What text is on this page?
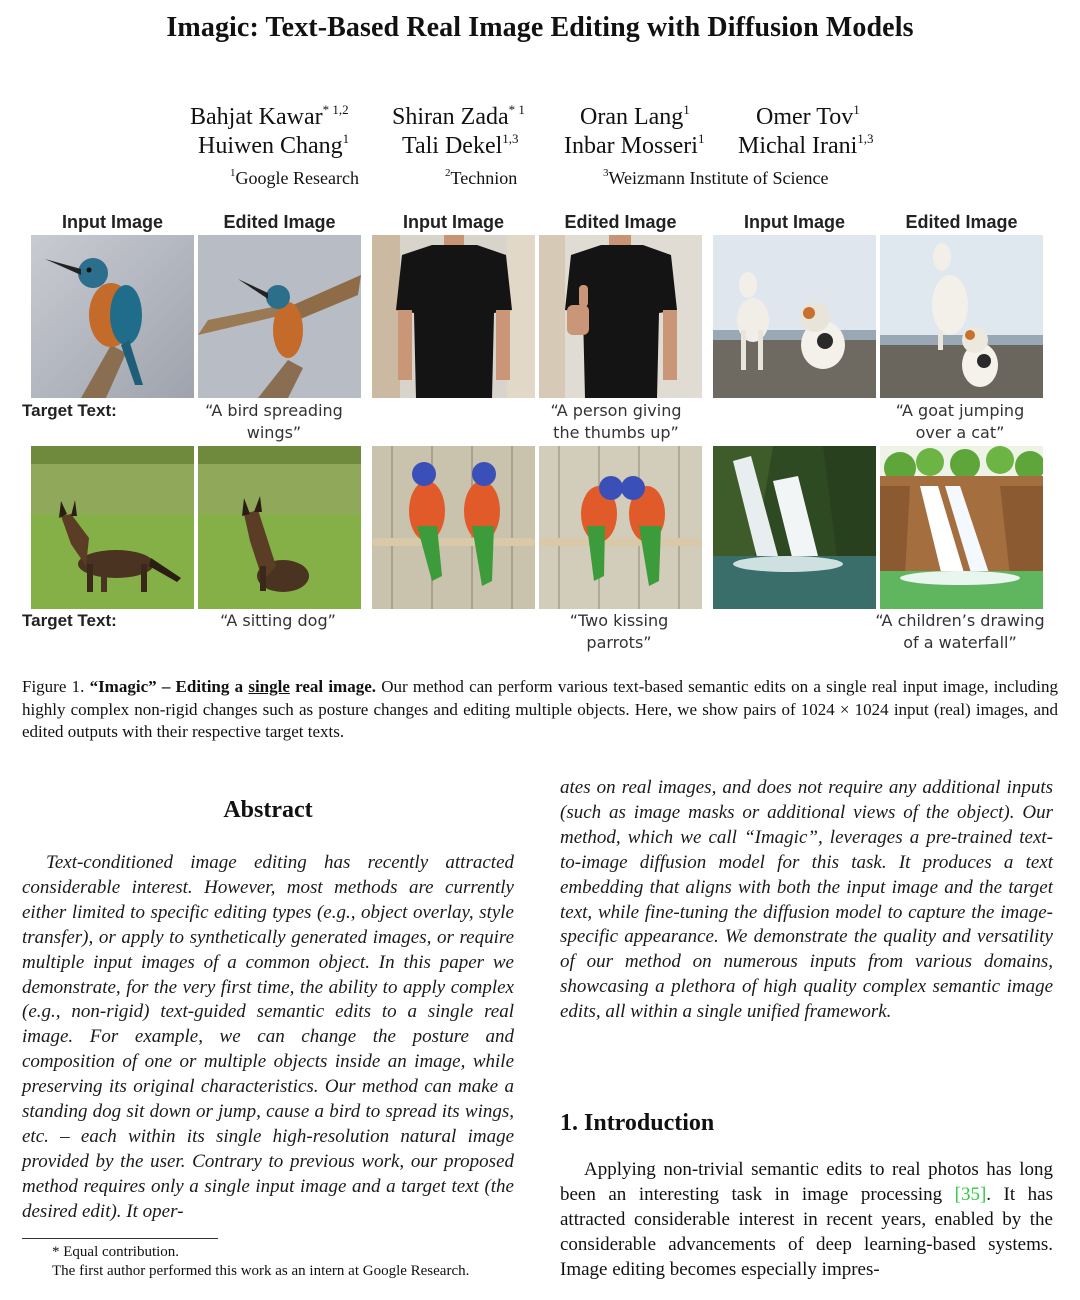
Imagic: Text-Based Real Image Editing with Diffusion Models
Bahjat Kawar$^{* 1,2}$ Shiran Zada$^{* 1}$ Oran Lang$^1$	Omer Tov$^1$
Huiwen Chang$^1$ Tali Dekel$^{1,3}$ Inbar Mosseri$^1$ Michal Irani$^{1,3}$
$^1$Google Research	$^2$Technion	$^3$Weizmann Institute of Science
Input Image	Edited Image	Input Image	Edited Image	Input Image	Edited Image
Target Text:	“A bird spreading
wings”
“A person giving
the thumbs up”
“A goat jumping
over a cat”
Target Text:	“A sitting dog”	“Two kissing
parrots”
“A children’s drawing
of a waterfall”
Figure 1. “Imagic” – Editing a single real image. Our method can perform various text-based semantic edits on a single real input image, including highly complex non-rigid changes such as posture changes and editing multiple objects. Here, we show pairs of 1024 × 1024 input (real) images, and edited outputs with their respective target texts.
Abstract
Text-conditioned image editing has recently attracted considerable interest. However, most methods are currently either limited to specific editing types (e.g., object overlay, style transfer), or apply to synthetically generated images, or require multiple input images of a common object. In this paper we demonstrate, for the very first time, the ability to apply complex (e.g., non-rigid) text-guided semantic edits to a single real image. For example, we can change the posture and composition of one or multiple objects inside an image, while preserving its original characteristics. Our method can make a standing dog sit down or jump, cause a bird to spread its wings, etc. – each within its single high-resolution natural image provided by the user. Contrary to previous work, our proposed method requires only a single input image and a target text (the desired edit). It oper-
ates on real images, and does not require any additional inputs (such as image masks or additional views of the object). Our method, which we call “Imagic”, leverages a pre-trained text-to-image diffusion model for this task. It produces a text embedding that aligns with both the input image and the target text, while fine-tuning the diffusion model to capture the image-specific appearance. We demonstrate the quality and versatility of our method on numerous inputs from various domains, showcasing a plethora of high quality complex semantic image edits, all within a single unified framework.
* Equal contribution.
The first author performed this work as an intern at Google Research.
1. Introduction
Applying non-trivial semantic edits to real photos has long been an interesting task in image processing [35]. It has attracted considerable interest in recent years, enabled by the considerable advancements of deep learning-based systems. Image editing becomes especially impres-
